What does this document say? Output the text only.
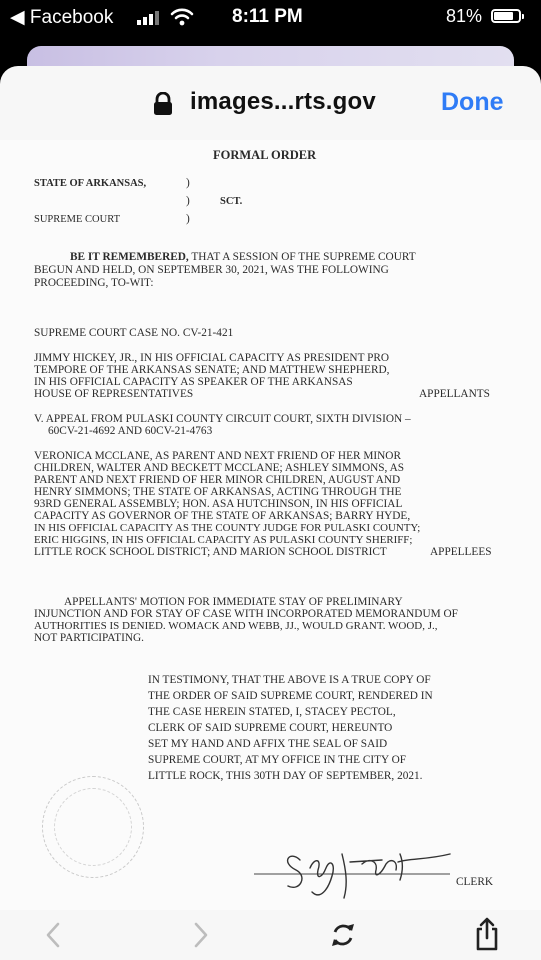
◀ Facebook	8:11 PM	81%
images...rts.gov	Done
FORMAL ORDER
STATE OF ARKANSAS,	)
)	SCT.
SUPREME COURT	)
BE IT REMEMBERED, THAT A SESSION OF THE SUPREME COURT
BEGUN AND HELD, ON SEPTEMBER 30, 2021, WAS THE FOLLOWING
PROCEEDING, TO-WIT:
SUPREME COURT CASE NO. CV-21-421
JIMMY HICKEY, JR., IN HIS OFFICIAL CAPACITY AS PRESIDENT PRO
TEMPORE OF THE ARKANSAS SENATE; AND MATTHEW SHEPHERD,
IN HIS OFFICIAL CAPACITY AS SPEAKER OF THE ARKANSAS
HOUSE OF REPRESENTATIVES	APPELLANTS
V. APPEAL FROM PULASKI COUNTY CIRCUIT COURT, SIXTH DIVISION –
60CV-21-4692 AND 60CV-21-4763
VERONICA MCCLANE, AS PARENT AND NEXT FRIEND OF HER MINOR
CHILDREN, WALTER AND BECKETT MCCLANE; ASHLEY SIMMONS, AS
PARENT AND NEXT FRIEND OF HER MINOR CHILDREN, AUGUST AND
HENRY SIMMONS; THE STATE OF ARKANSAS, ACTING THROUGH THE
93RD GENERAL ASSEMBLY; HON. ASA HUTCHINSON, IN HIS OFFICIAL
CAPACITY AS GOVERNOR OF THE STATE OF ARKANSAS; BARRY HYDE,
IN HIS OFFICIAL CAPACITY AS THE COUNTY JUDGE FOR PULASKI COUNTY;
ERIC HIGGINS, IN HIS OFFICIAL CAPACITY AS PULASKI COUNTY SHERIFF;
LITTLE ROCK SCHOOL DISTRICT; AND MARION SCHOOL DISTRICT	APPELLEES
APPELLANTS' MOTION FOR IMMEDIATE STAY OF PRELIMINARY
INJUNCTION AND FOR STAY OF CASE WITH INCORPORATED MEMORANDUM OF
AUTHORITIES IS DENIED. WOMACK AND WEBB, JJ., WOULD GRANT. WOOD, J.,
NOT PARTICIPATING.
IN TESTIMONY, THAT THE ABOVE IS A TRUE COPY OF
THE ORDER OF SAID SUPREME COURT, RENDERED IN
THE CASE HEREIN STATED, I, STACEY PECTOL,
CLERK OF SAID SUPREME COURT, HEREUNTO
SET MY HAND AND AFFIX THE SEAL OF SAID
SUPREME COURT, AT MY OFFICE IN THE CITY OF
LITTLE ROCK, THIS 30TH DAY OF SEPTEMBER, 2021.
CLERK
